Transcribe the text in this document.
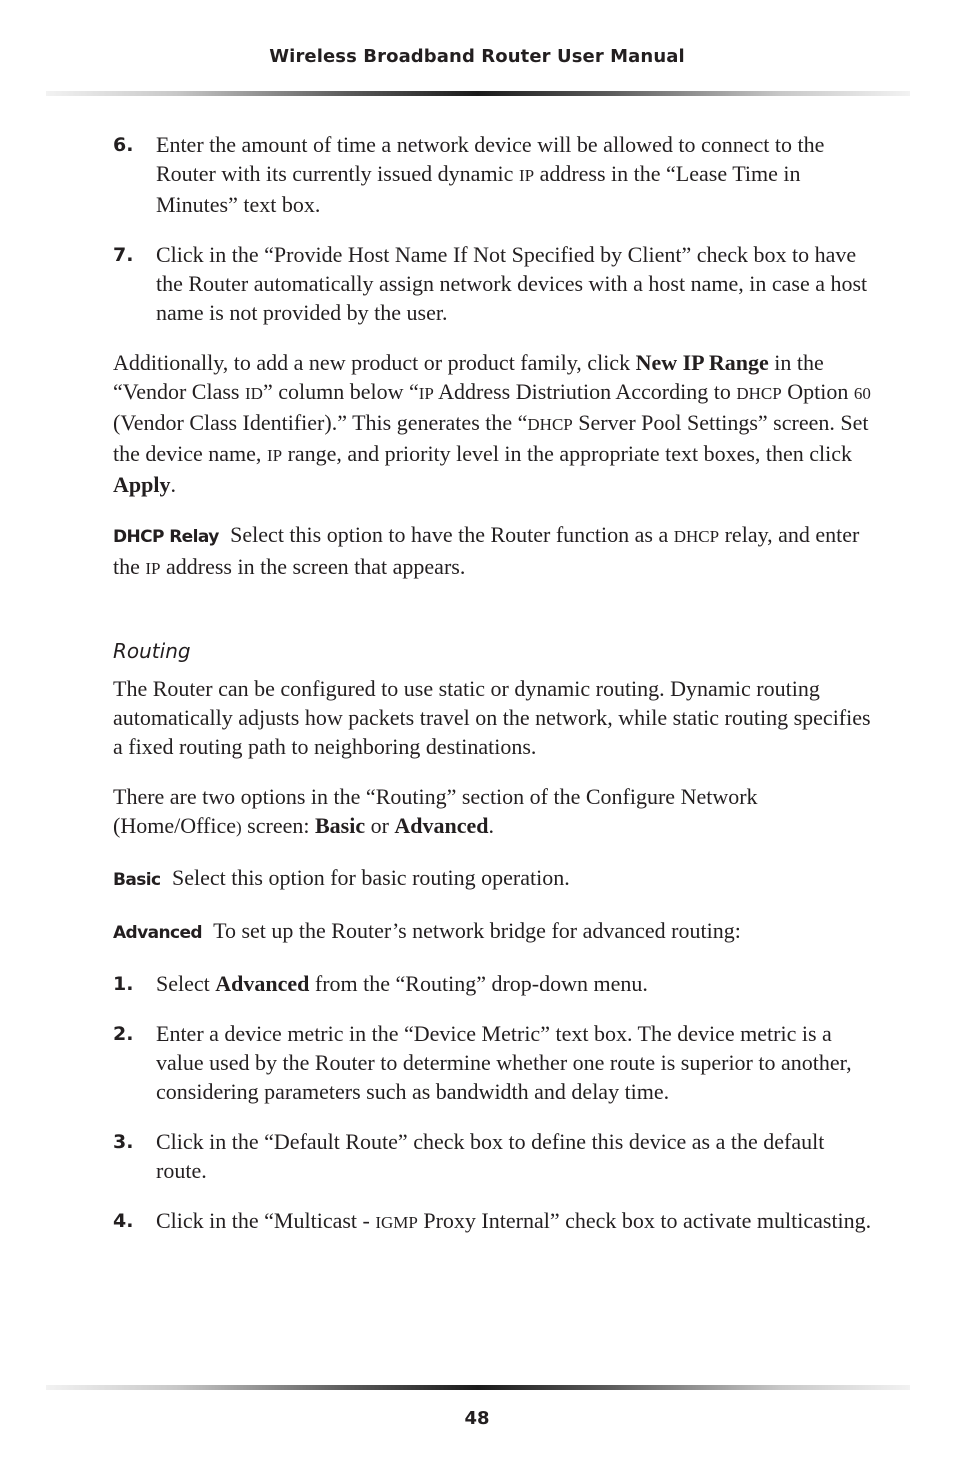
Wireless Broadband Router User Manual
6. Enter the amount of time a network device will be allowed to connect to the Router with its currently issued dynamic IP address in the “Lease Time in Minutes” text box.
7. Click in the “Provide Host Name If Not Specified by Client” check box to have the Router automatically assign network devices with a host name, in case a host name is not provided by the user.

Additionally, to add a new product or product family, click New IP Range in the “Vendor Class ID” column below “IP Address Distriution According to DHCP Option 60 (Vendor Class Identifier).” This generates the “DHCP Server Pool Settings” screen. Set the device name, IP range, and priority level in the appropriate text boxes, then click Apply.

DHCP Relay Select this option to have the Router function as a DHCP relay, and enter the IP address in the screen that appears.

Routing

The Router can be configured to use static or dynamic routing. Dynamic routing automatically adjusts how packets travel on the network, while static routing specifies a fixed routing path to neighboring destinations.

There are two options in the “Routing” section of the Configure Network (Home/Office) screen: Basic or Advanced.

Basic Select this option for basic routing operation.

Advanced To set up the Router’s network bridge for advanced routing:

1. Select Advanced from the “Routing” drop-down menu.
2. Enter a device metric in the “Device Metric” text box. The device metric is a value used by the Router to determine whether one route is superior to another, considering parameters such as bandwidth and delay time.
3. Click in the “Default Route” check box to define this device as a the default route.
4. Click in the “Multicast - IGMP Proxy Internal” check box to activate multicasting.
48
